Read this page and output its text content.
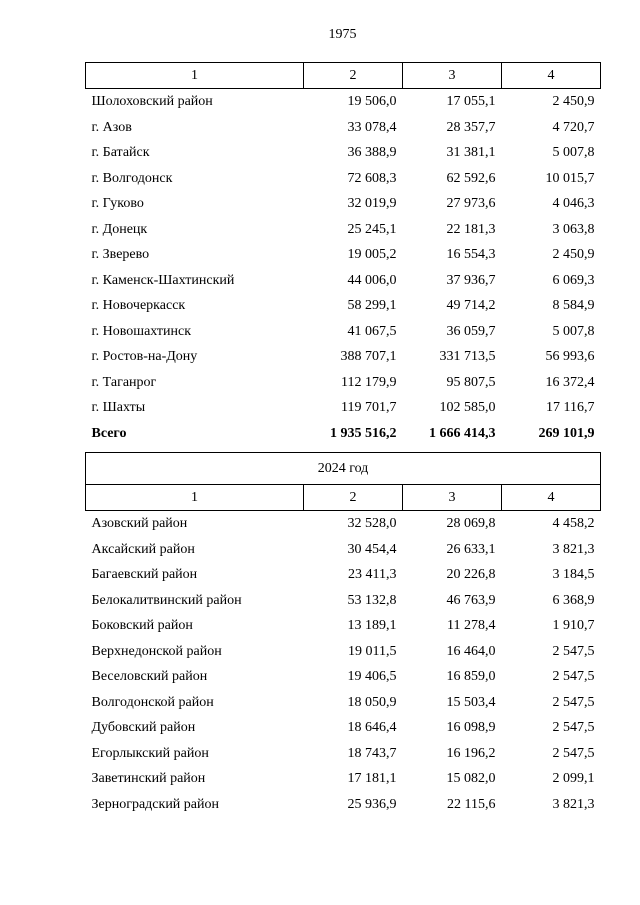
1975
1	2	3	4
Шолоховский район	19 506,0	17 055,1	2 450,9
г. Азов	33 078,4	28 357,7	4 720,7
г. Батайск	36 388,9	31 381,1	5 007,8
г. Волгодонск	72 608,3	62 592,6	10 015,7
г. Гуково	32 019,9	27 973,6	4 046,3
г. Донецк	25 245,1	22 181,3	3 063,8
г. Зверево	19 005,2	16 554,3	2 450,9
г. Каменск-Шахтинский	44 006,0	37 936,7	6 069,3
г. Новочеркасск	58 299,1	49 714,2	8 584,9
г. Новошахтинск	41 067,5	36 059,7	5 007,8
г. Ростов-на-Дону	388 707,1	331 713,5	56 993,6
г. Таганрог	112 179,9	95 807,5	16 372,4
г. Шахты	119 701,7	102 585,0	17 116,7
Всего	1 935 516,2	1 666 414,3	269 101,9
2024 год			
1	2	3	4
Азовский район	32 528,0	28 069,8	4 458,2
Аксайский район	30 454,4	26 633,1	3 821,3
Багаевский район	23 411,3	20 226,8	3 184,5
Белокалитвинский район	53 132,8	46 763,9	6 368,9
Боковский район	13 189,1	11 278,4	1 910,7
Верхнедонской район	19 011,5	16 464,0	2 547,5
Веселовский район	19 406,5	16 859,0	2 547,5
Волгодонской район	18 050,9	15 503,4	2 547,5
Дубовский район	18 646,4	16 098,9	2 547,5
Егорлыкский район	18 743,7	16 196,2	2 547,5
Заветинский район	17 181,1	15 082,0	2 099,1
Зерноградский район	25 936,9	22 115,6	3 821,3
